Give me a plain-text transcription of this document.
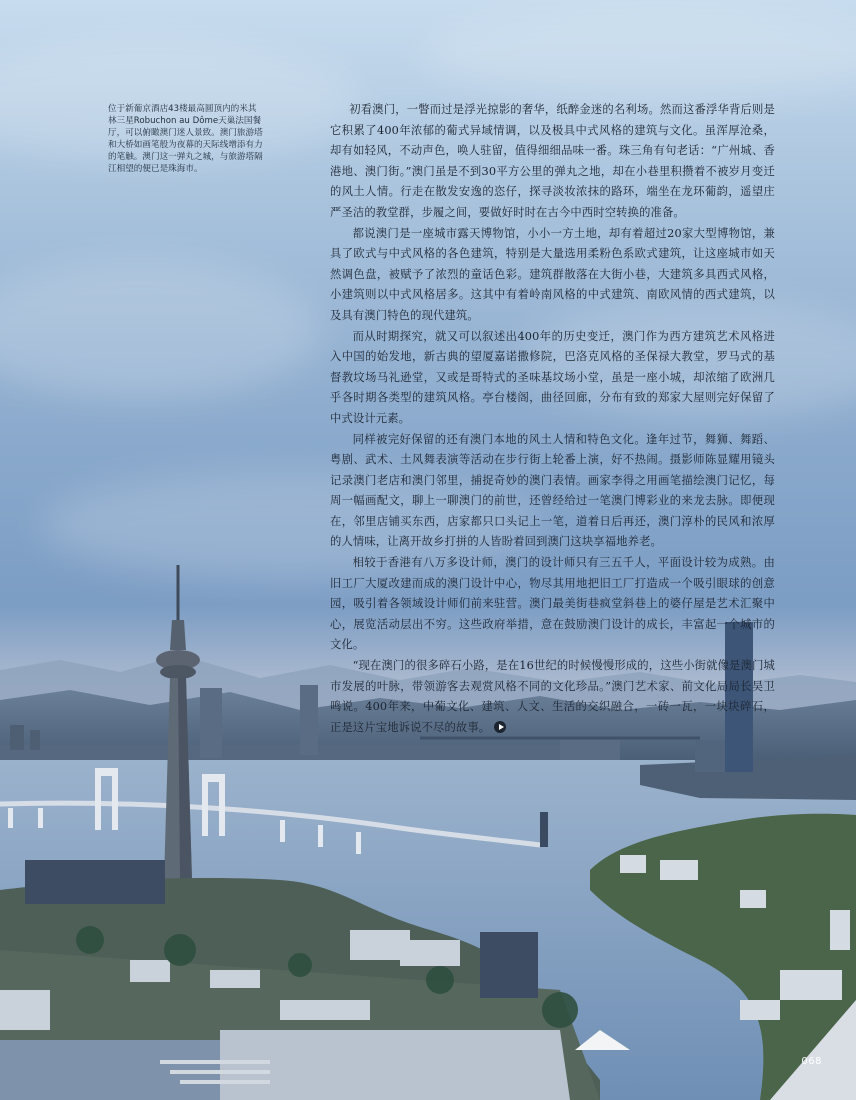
位于新葡京酒店43楼最高圆顶内的米其林三星Robuchon au Dôme天巢法国餐厅，可以俯瞰澳门迷人景致。澳门旅游塔和大桥如画笔般为夜幕的天际线增添有力的笔触。澳门这一弹丸之城，与旅游塔隔江相望的便已是珠海市。

初看澳门，一瞥而过是浮光掠影的奢华，纸醉金迷的名利场。然而这番浮华背后则是它积累了400年浓郁的葡式异域情调，以及极具中式风格的建筑与文化。虽浑厚沧桑，却有如轻风，不动声色，唤人驻留，值得细细品味一番。珠三角有句老话：“广州城、香港地、澳门街。”澳门虽是不到30平方公里的弹丸之地，却在小巷里积攒着不被岁月变迁的风土人情。行走在散发安逸的恣仔，探寻淡妆浓抹的路环，端坐在龙环葡韵，遥望庄严圣洁的教堂群，步履之间，要做好时时在古今中西时空转换的准备。

都说澳门是一座城市露天博物馆，小小一方土地，却有着超过20家大型博物馆，兼具了欧式与中式风格的各色建筑，特别是大量选用柔粉色系欧式建筑，让这座城市如天然调色盘，被赋予了浓烈的童话色彩。建筑群散落在大街小巷，大建筑多具西式风格，小建筑则以中式风格居多。这其中有着岭南风格的中式建筑、南欧风情的西式建筑，以及具有澳门特色的现代建筑。

而从时期探究，就又可以叙述出400年的历史变迁，澳门作为西方建筑艺术风格进入中国的始发地，新古典的望厦嘉诺撒修院，巴洛克风格的圣保禄大教堂，罗马式的基督教坟场马礼逊堂，又或是哥特式的圣味基坟场小堂，虽是一座小城，却浓缩了欧洲几乎各时期各类型的建筑风格。亭台楼阁，曲径回廊，分布有致的郑家大屋则完好保留了中式设计元素。

同样被完好保留的还有澳门本地的风土人情和特色文化。逢年过节，舞狮、舞蹈、粤剧、武术、土风舞表演等活动在步行街上轮番上演，好不热闹。摄影师陈显耀用镜头记录澳门老店和澳门邻里，捕捉奇妙的澳门表情。画家李得之用画笔描绘澳门记忆，每周一幅画配文，聊上一聊澳门的前世，还曾经给过一笔澳门博彩业的来龙去脉。即便现在，邻里店铺买东西，店家都只口头记上一笔，道着日后再还，澳门淳朴的民风和浓厚的人情味，让离开故乡打拼的人皆盼着回到澳门这块享福地养老。

相较于香港有八万多设计师，澳门的设计师只有三五千人，平面设计较为成熟。由旧工厂大厦改建而成的澳门设计中心，物尽其用地把旧工厂打造成一个吸引眼球的创意园，吸引着各领域设计师们前来驻营。澳门最美街巷疯堂斜巷上的婆仔屋是艺术汇聚中心，展览活动层出不穷。这些政府举措，意在鼓励澳门设计的成长，丰富起一个城市的文化。

“现在澳门的很多碎石小路，是在16世纪的时候慢慢形成的，这些小街就像是澳门城市发展的叶脉，带领游客去观赏风格不同的文化珍品。”澳门艺术家、前文化局局长吴卫鸣说。400年来，中葡文化、建筑、人文、生活的交织融合，一砖一瓦，一块块碎石，正是这片宝地诉说不尽的故事。

068
